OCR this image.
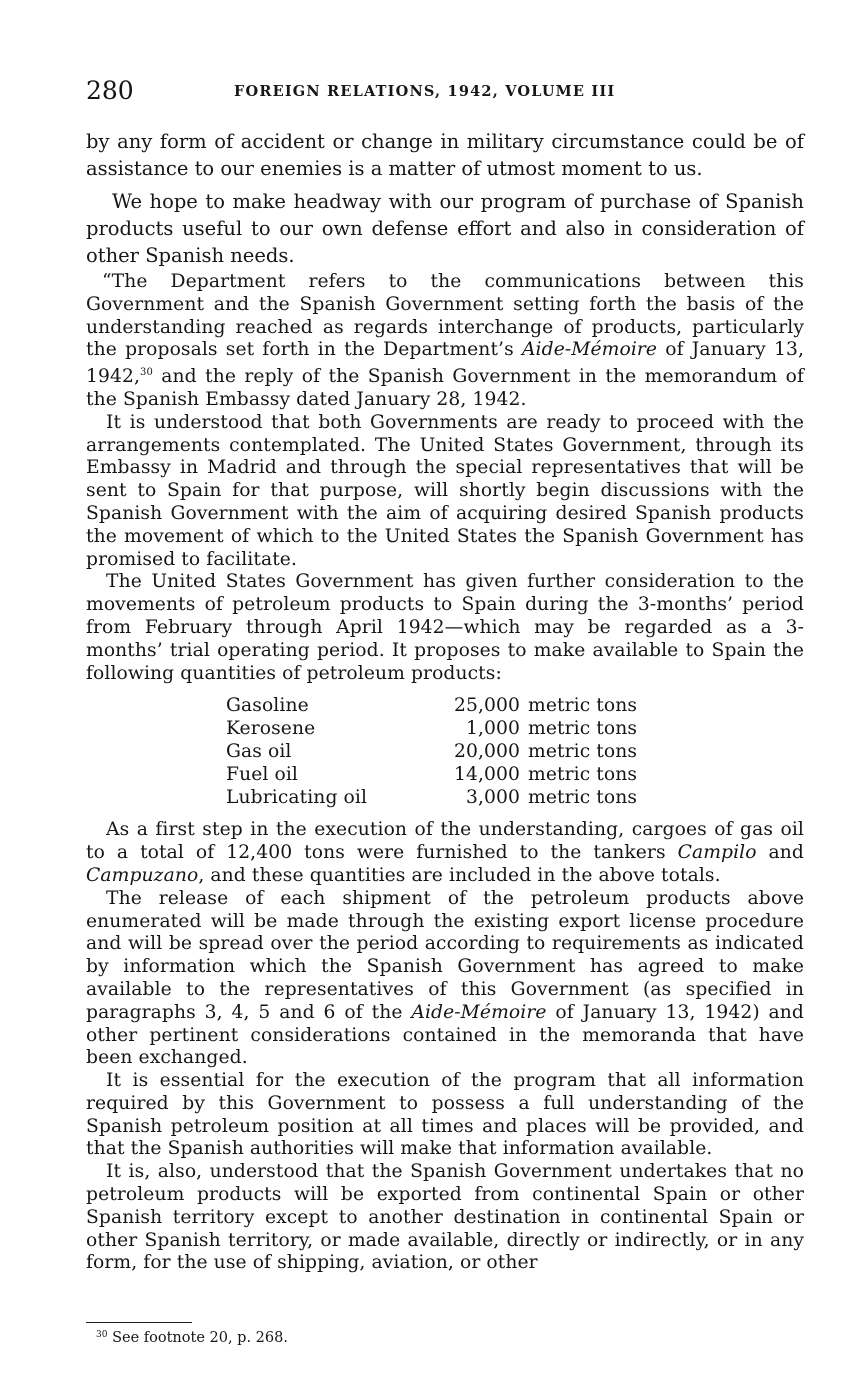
280	FOREIGN RELATIONS, 1942, VOLUME III

by any form of accident or change in military circumstance could be of assistance to our enemies is a matter of utmost moment to us.

We hope to make headway with our program of purchase of Spanish products useful to our own defense effort and also in consideration of other Spanish needs.

“The Department refers to the communications between this Government and the Spanish Government setting forth the basis of the understanding reached as regards interchange of products, particularly the proposals set forth in the Department’s Aide-Mémoire of January 13, 1942,30 and the reply of the Spanish Government in the memorandum of the Spanish Embassy dated January 28, 1942.

It is understood that both Governments are ready to proceed with the arrangements contemplated. The United States Government, through its Embassy in Madrid and through the special representatives that will be sent to Spain for that purpose, will shortly begin discussions with the Spanish Government with the aim of acquiring desired Spanish products the movement of which to the United States the Spanish Government has promised to facilitate.

The United States Government has given further consideration to the movements of petroleum products to Spain during the 3-months’ period from February through April 1942—which may be regarded as a 3-months’ trial operating period. It proposes to make available to Spain the following quantities of petroleum products:

Gasoline	25,000	metric tons
Kerosene	1,000	metric tons
Gas oil	20,000	metric tons
Fuel oil	14,000	metric tons
Lubricating oil	3,000	metric tons

As a first step in the execution of the understanding, cargoes of gas oil to a total of 12,400 tons were furnished to the tankers Campilo and Campuzano, and these quantities are included in the above totals.

The release of each shipment of the petroleum products above enumerated will be made through the existing export license procedure and will be spread over the period according to requirements as indicated by information which the Spanish Government has agreed to make available to the representatives of this Government (as specified in paragraphs 3, 4, 5 and 6 of the Aide-Mémoire of January 13, 1942) and other pertinent considerations contained in the memoranda that have been exchanged.

It is essential for the execution of the program that all information required by this Government to possess a full understanding of the Spanish petroleum position at all times and places will be provided, and that the Spanish authorities will make that information available.

It is, also, understood that the Spanish Government undertakes that no petroleum products will be exported from continental Spain or other Spanish territory except to another destination in continental Spain or other Spanish territory, or made available, directly or indirectly, or in any form, for the use of shipping, aviation, or other

$^{30}$ See footnote 20, p. 268.
